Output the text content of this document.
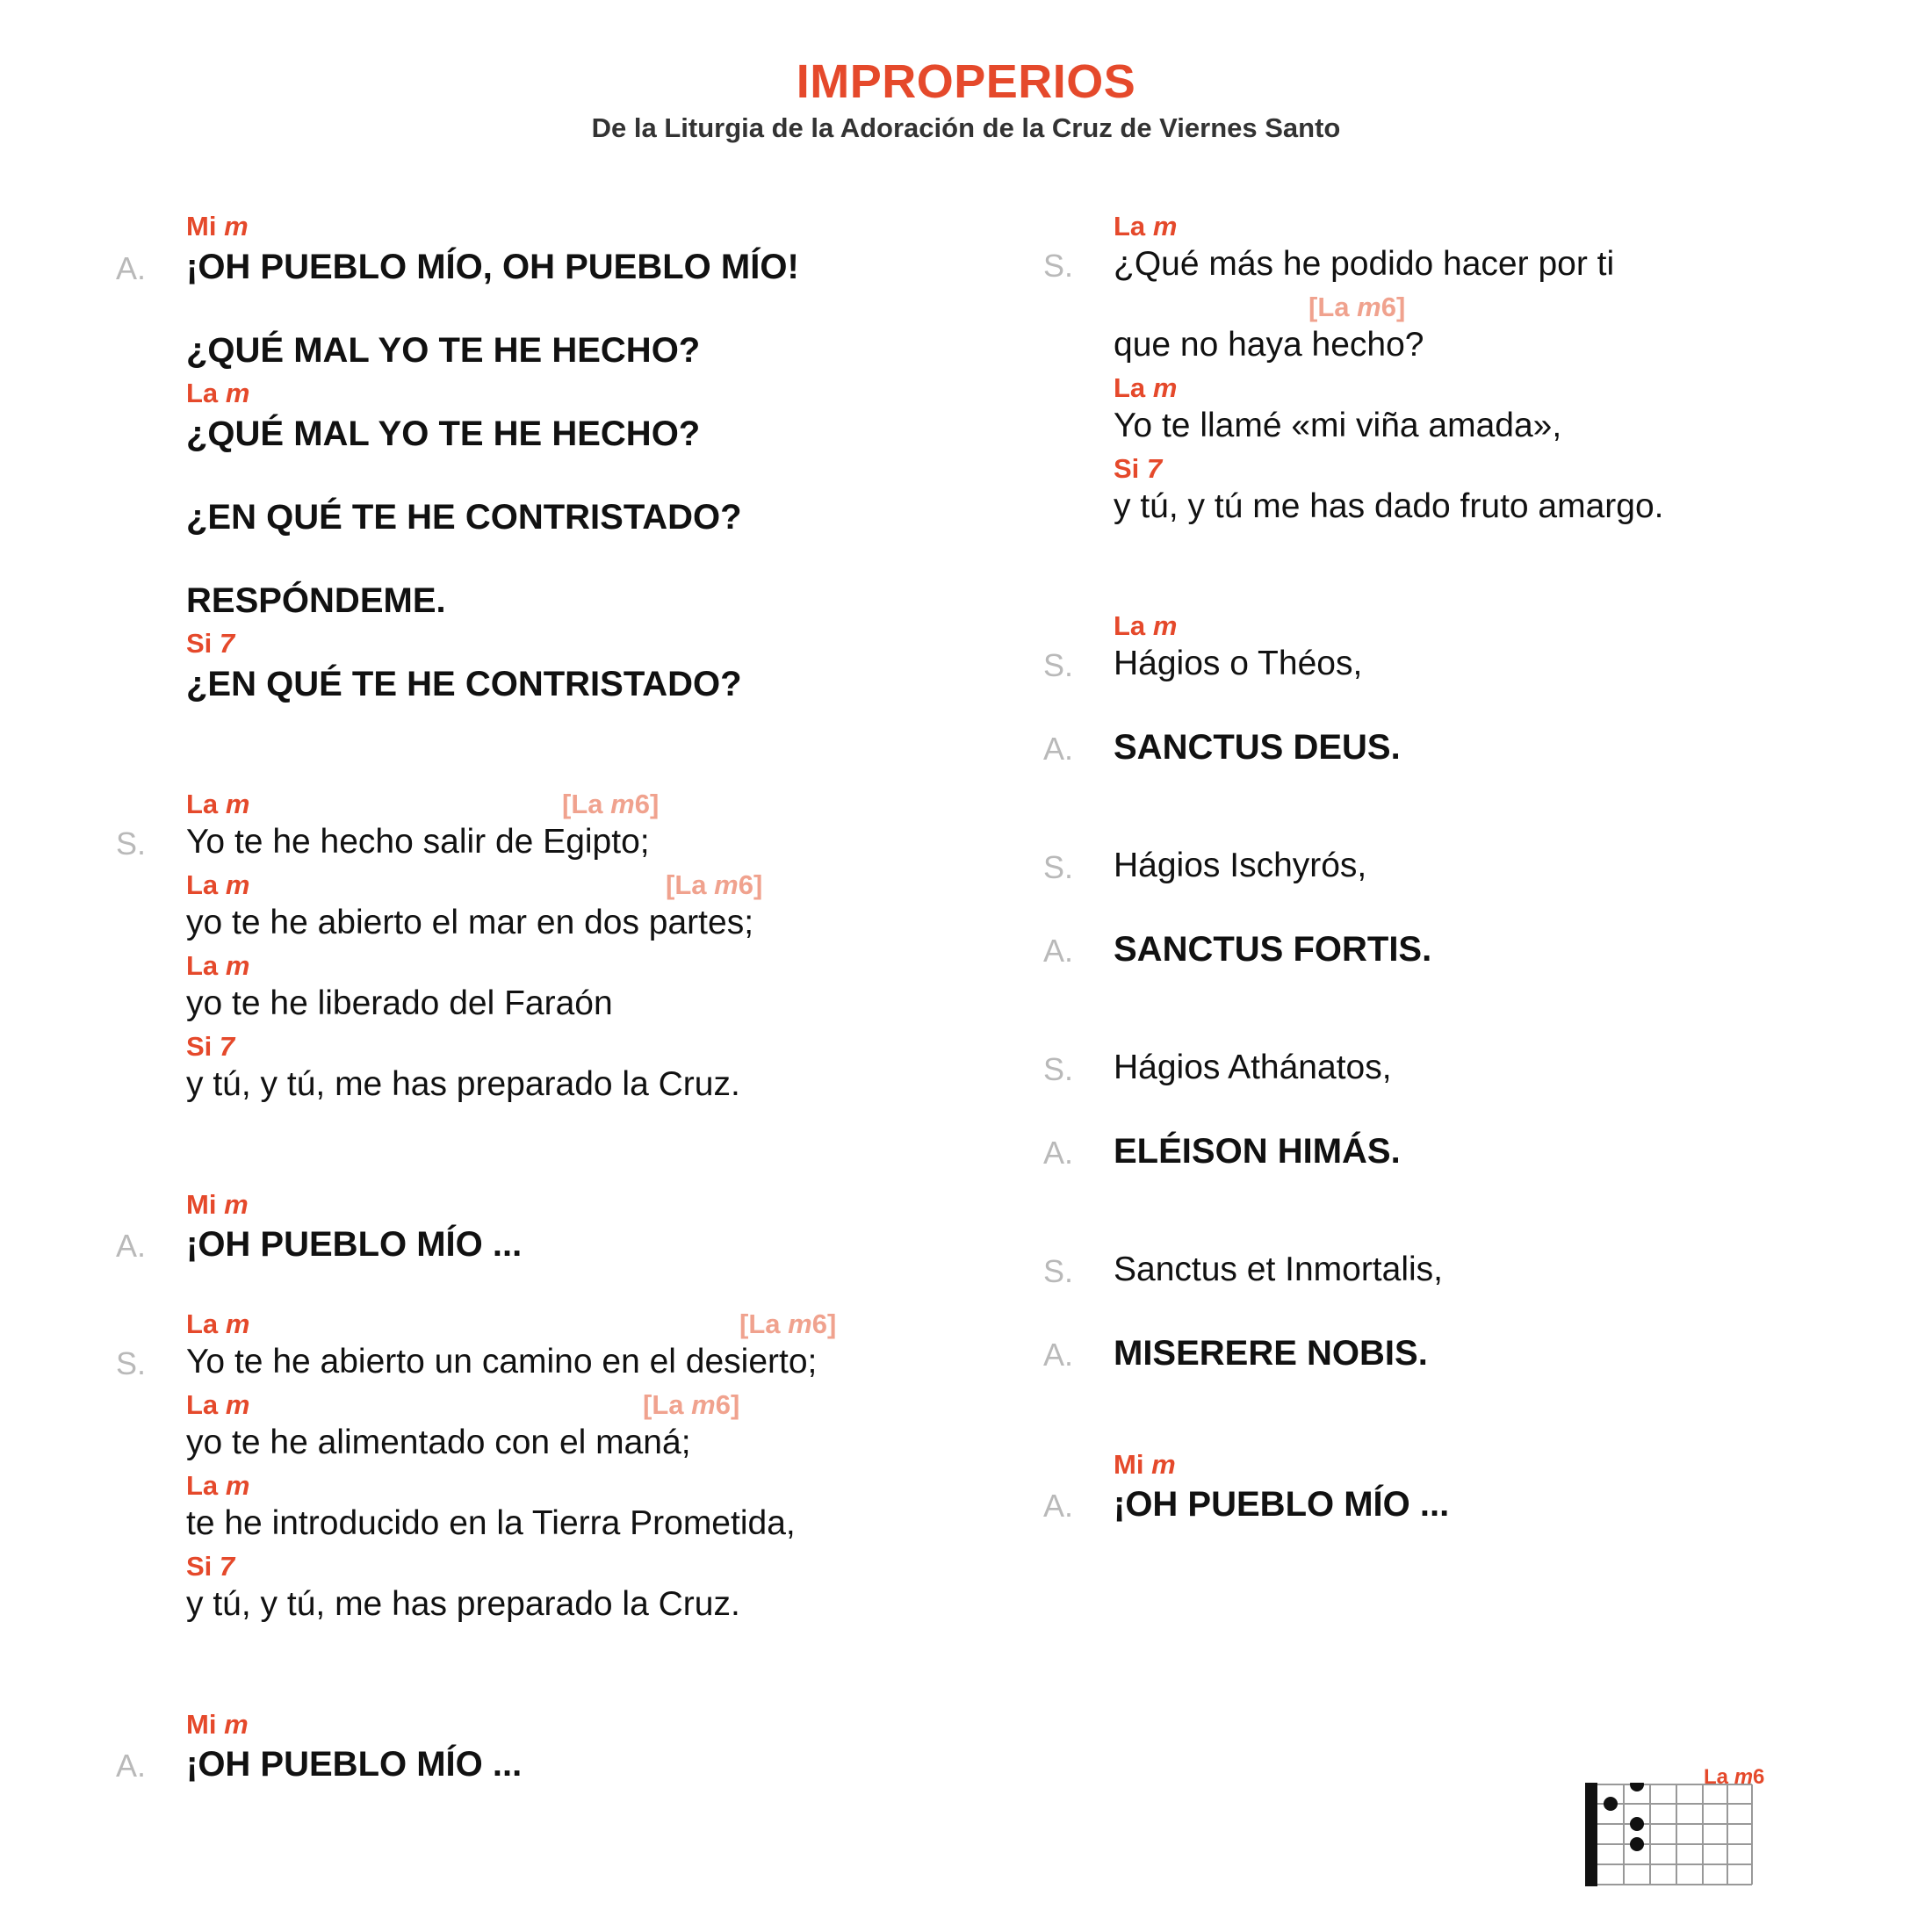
IMPROPERIOS
De la Liturgia de la Adoración de la Cruz de Viernes Santo
Mi m
A. ¡OH PUEBLO MÍO, OH PUEBLO MÍO!
¿QUÉ MAL YO TE HE HECHO?
La m
¿QUÉ MAL YO TE HE HECHO?
¿EN QUÉ TE HE CONTRISTADO?
RESPÓNDEME.
Si 7
¿EN QUÉ TE HE CONTRISTADO?
La m	[La m6]
S. Yo te he hecho salir de Egipto;
La m	[La m6]
yo te he abierto el mar en dos partes;
La m
yo te he liberado del Faraón
Si 7
y tú, y tú, me has preparado la Cruz.
Mi m
A. ¡OH PUEBLO MÍO ...
La m	[La m6]
S. Yo te he abierto un camino en el desierto;
La m	[La m6]
yo te he alimentado con el maná;
La m
te he introducido en la Tierra Prometida,
Si 7
y tú, y tú, me has preparado la Cruz.
Mi m
A. ¡OH PUEBLO MÍO ...
La m
S. ¿Qué más he podido hacer por ti
[La m6]
que no haya hecho?
La m
Yo te llamé «mi viña amada»,
Si 7
y tú, y tú me has dado fruto amargo.
La m
S. Hágios o Théos,
A. SANCTUS DEUS.
S. Hágios Ischyrós,
A. SANCTUS FORTIS.
S. Hágios Athánatos,
A. ELÉISON HIMÁS.
S. Sanctus et Inmortalis,
A. MISERERE NOBIS.
Mi m
A. ¡OH PUEBLO MÍO ...
La m6
